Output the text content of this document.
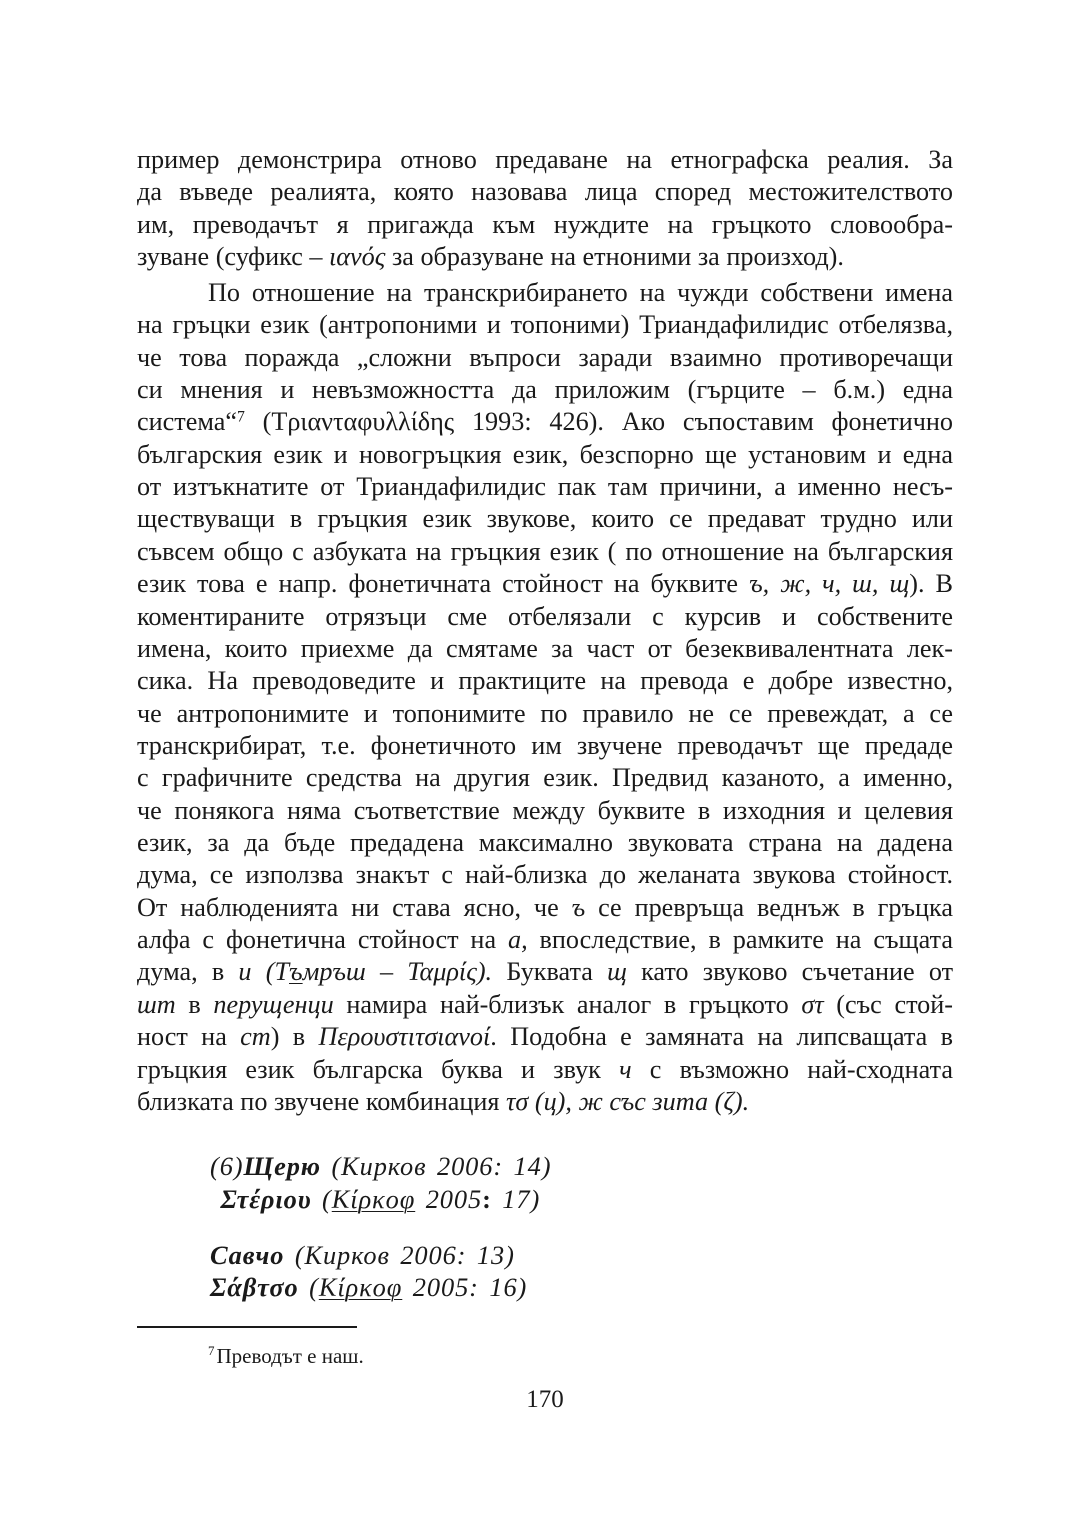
пример демонстрира отново предаване на етнографска реалия. За
да въведе реалията, която назовава лица според местожителството
им, преводачът я пригажда към нуждите на гръцкото словообра-
зуване (суфикс – ιανός за образуване на етноними за произход).
По отношение на транскрибирането на чужди собствени имена
на гръцки език (антропоними и топоними) Триандафилидис отбелязва,
че това поражда „сложни въпроси заради взаимно противоречащи
си мнения и невъзможността да приложим (гърците – б.м.) една
система“$^7$ (Τριανταφυλλίδης 1993: 426). Ако съпоставим фонетично
българския език и новогръцкия език, безспорно ще установим и една
от изтъкнатите от Триандафилидис пак там причини, а именно несъ-
ществуващи в гръцкия език звукове, които се предават трудно или
съвсем общо с азбуката на гръцкия език ( по отношение на българския
език това е напр. фонетичната стойност на буквите ъ, ж, ч, ш, щ). В
коментираните отрязъци сме отбелязали с курсив и собствените
имена, които приехме да смятаме за част от безеквивалентната лек-
сика. На преводоведите и практиците на превода е добре известно,
че антропонимите и топонимите по правило не се превеждат, а се
транскрибират, т.е. фонетичното им звучене преводачът ще предаде
с графичните средства на другия език. Предвид казаното, а именно,
че понякога няма съответствие между буквите в изходния и целевия
език, за да бъде предадена максимално звуковата страна на дадена
дума, се използва знакът с най-близка до желаната звукова стойност.
От наблюденията ни става ясно, че ъ се превръща веднъж в гръцка
алфа с фонетична стойност на а, впоследствие, в рамките на същата
дума, в и (Тъмръш – Ταμρίς). Буквата щ като звуково съчетание от
шт в перущенци намира най-близък аналог в гръцкото στ (със стой-
ност на ст) в Περουστιτσιανοί. Подобна е замяната на липсващата в
гръцкия език българска буква и звук ч с възможно най-сходната
близката по звучене комбинация τσ (ц), ж със зита (ζ).
(6)Щерю (Кирков 2006: 14)
Στέριου (Κίρκοφ 2005: 17)
Савчо (Кирков 2006: 13)
Σάβτσο (Κίρκοφ 2005: 16)
$^7$Преводът е наш.
170
